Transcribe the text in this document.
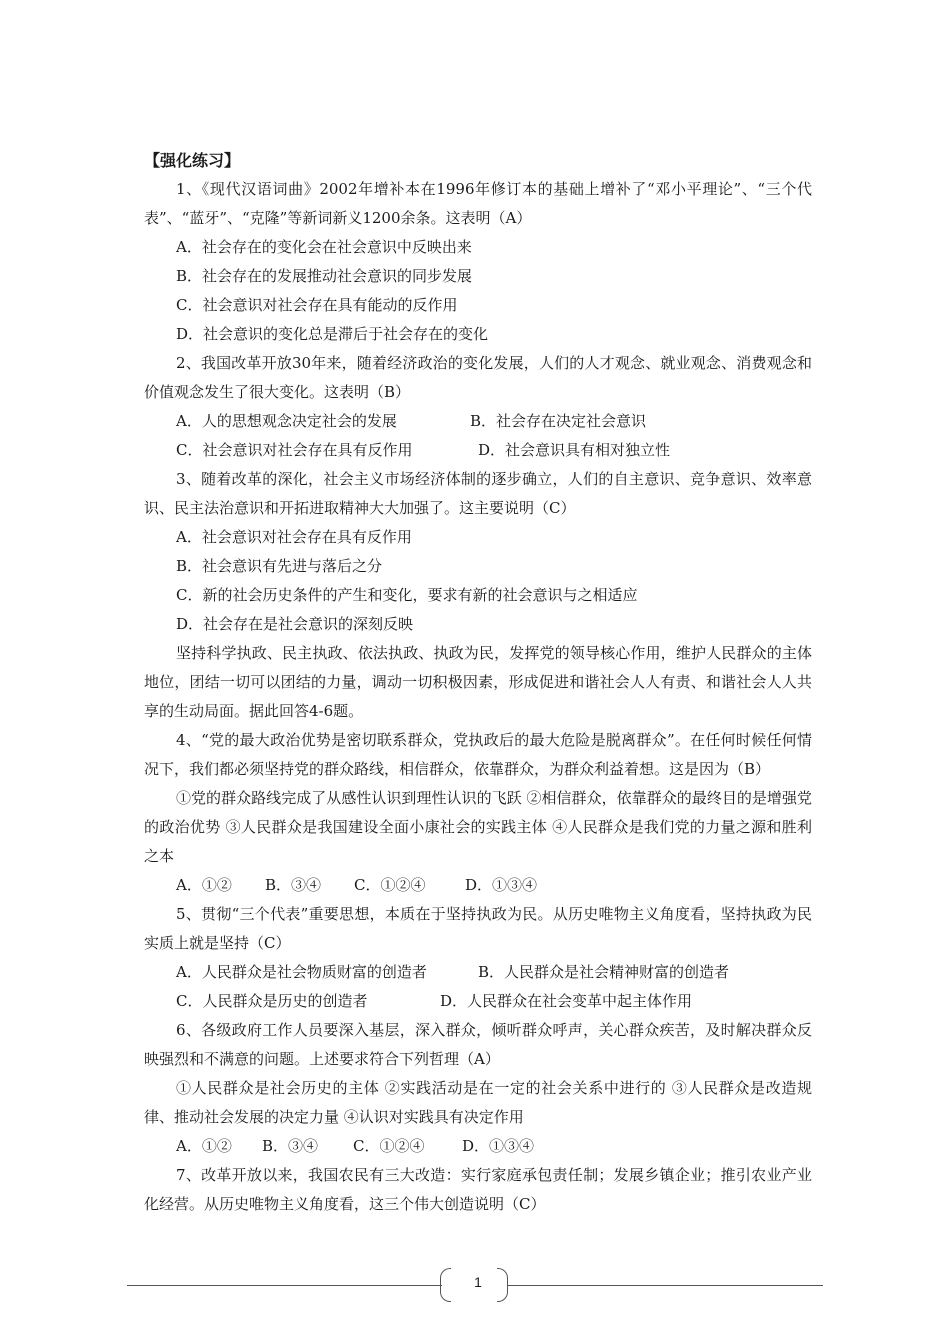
【强化练习】

1、《现代汉语词曲》2002年增补本在1996年修订本的基础上增补了“邓小平理论”、“三个代表”、“蓝牙”、“克隆”等新词新义1200余条。这表明（A）

A．社会存在的变化会在社会意识中反映出来

B．社会存在的发展推动社会意识的同步发展

C．社会意识对社会存在具有能动的反作用

D．社会意识的变化总是滞后于社会存在的变化

2、我国改革开放30年来，随着经济政治的变化发展，人们的人才观念、就业观念、消费观念和价值观念发生了很大变化。这表明（B）

A．人的思想观念决定社会的发展	B．社会存在决定社会意识

C．社会意识对社会存在具有反作用	D．社会意识具有相对独立性

3、随着改革的深化，社会主义市场经济体制的逐步确立，人们的自主意识、竞争意识、效率意识、民主法治意识和开拓进取精神大大加强了。这主要说明（C）

A．社会意识对社会存在具有反作用

B．社会意识有先进与落后之分

C．新的社会历史条件的产生和变化，要求有新的社会意识与之相适应

D．社会存在是社会意识的深刻反映

坚持科学执政、民主执政、依法执政、执政为民，发挥党的领导核心作用，维护人民群众的主体地位，团结一切可以团结的力量，调动一切积极因素，形成促进和谐社会人人有责、和谐社会人人共享的生动局面。据此回答4-6题。

4、“党的最大政治优势是密切联系群众，党执政后的最大危险是脱离群众”。在任何时候任何情况下，我们都必须坚持党的群众路线，相信群众，依靠群众，为群众利益着想。这是因为（B）

①党的群众路线完成了从感性认识到理性认识的飞跃 ②相信群众，依靠群众的最终目的是增强党的政治优势 ③人民群众是我国建设全面小康社会的实践主体 ④人民群众是我们党的力量之源和胜利之本

A．①② B．③④ C．①②④	D．①③④

5、贯彻“三个代表”重要思想，本质在于坚持执政为民。从历史唯物主义角度看，坚持执政为民实质上就是坚持（C）

A．人民群众是社会物质财富的创造者	B．人民群众是社会精神财富的创造者

C．人民群众是历史的创造者	D．人民群众在社会变革中起主体作用

6、各级政府工作人员要深入基层，深入群众，倾听群众呼声，关心群众疾苦，及时解决群众反映强烈和不满意的问题。上述要求符合下列哲理（A）

①人民群众是社会历史的主体 ②实践活动是在一定的社会关系中进行的 ③人民群众是改造规律、推动社会发展的决定力量 ④认识对实践具有决定作用

A．①② B．③④ C．①②④	D．①③④

7、改革开放以来，我国农民有三大改造：实行家庭承包责任制；发展乡镇企业；推引农业产业化经营。从历史唯物主义角度看，这三个伟大创造说明（C）

1
